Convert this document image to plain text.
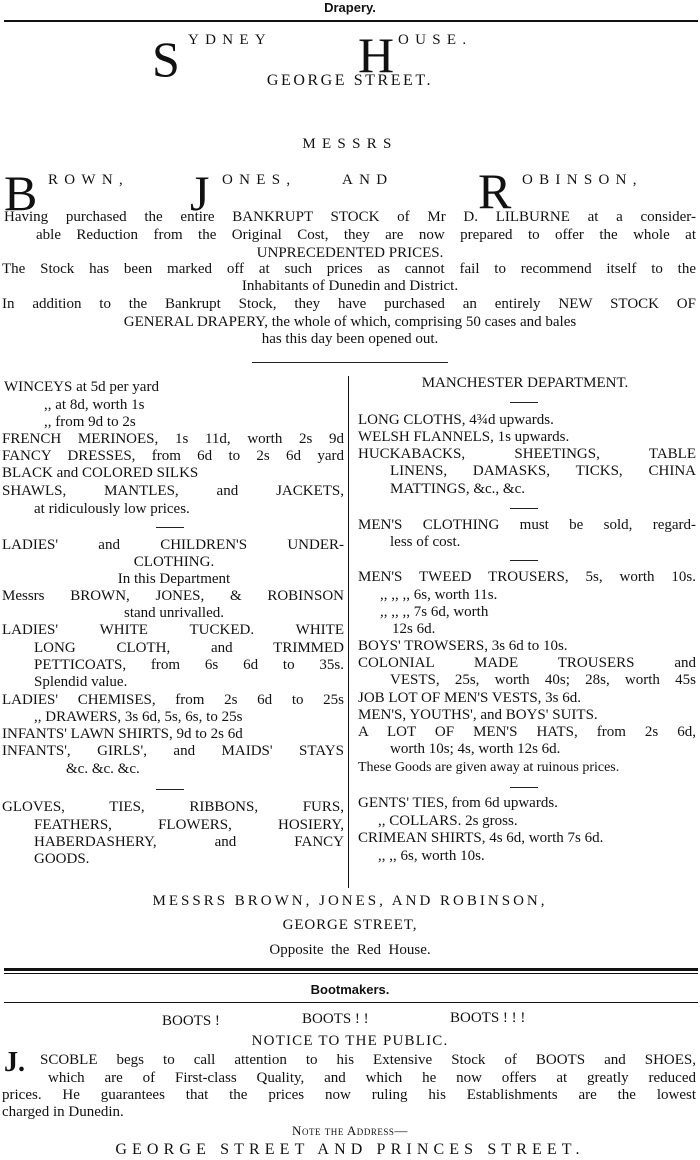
Drapery.
S YDNEY H OUSE.
GEORGE STREET.
MESSRS
B ROWN, J ONES,	AND R OBINSON,
Having purchased the entire BANKRUPT STOCK of Mr D. LILBURNE at a consider-
able Reduction from the Original Cost, they are now prepared to offer the whole at
UNPRECEDENTED PRICES.
The Stock has been marked off at such prices as cannot fail to recommend itself to the
Inhabitants of Dunedin and District.
In addition to the Bankrupt Stock, they have purchased an entirely NEW STOCK OF
GENERAL DRAPERY, the whole of which, comprising 50 cases and bales
has this day been opened out.
WINCEYS at 5d per yard
,, at 8d, worth 1s
,, from 9d to 2s
FRENCH MERINOES, 1s 11d, worth 2s 9d
FANCY DRESSES, from 6d to 2s 6d yard
BLACK and COLORED SILKS
SHAWLS, MANTLES, and JACKETS,
at ridiculously low prices.
LADIES' and CHILDREN'S UNDER-
CLOTHING.
In this Department
Messrs BROWN, JONES, & ROBINSON
stand unrivalled.
LADIES' WHITE TUCKED. WHITE
LONG CLOTH, and TRIMMED
PETTICOATS, from 6s 6d to 35s.
Splendid value.
LADIES' CHEMISES, from 2s 6d to 25s
,, DRAWERS, 3s 6d, 5s, 6s, to 25s
INFANTS' LAWN SHIRTS, 9d to 2s 6d
INFANTS', GIRLS', and MAIDS' STAYS
&c. &c. &c.
GLOVES, TIES, RIBBONS, FURS,
FEATHERS, FLOWERS, HOSIERY,
HABERDASHERY, and FANCY
GOODS.
MANCHESTER DEPARTMENT.
LONG CLOTHS, 4¾d upwards.
WELSH FLANNELS, 1s upwards.
HUCKABACKS, SHEETINGS, TABLE
LINENS, DAMASKS, TICKS, CHINA
MATTINGS, &c., &c.
MEN'S CLOTHING must be sold, regard-
less of cost.
MEN'S TWEED TROUSERS, 5s, worth 10s.
,, ,, ,, 6s, worth 11s.
,, ,, ,, 7s 6d, worth
12s 6d.
BOYS' TROWSERS, 3s 6d to 10s.
COLONIAL MADE TROUSERS and
VESTS, 25s, worth 40s; 28s, worth 45s
JOB LOT OF MEN'S VESTS, 3s 6d.
MEN'S, YOUTHS', and BOYS' SUITS.
A LOT OF MEN'S HATS, from 2s 6d,
worth 10s; 4s, worth 12s 6d.
These Goods are given away at ruinous prices.
GENTS' TIES, from 6d upwards.
,, COLLARS. 2s gross.
CRIMEAN SHIRTS, 4s 6d, worth 7s 6d.
,, ,, 6s, worth 10s.
MESSRS BROWN, JONES, AND ROBINSON,
GEORGE STREET,
Opposite the Red House.
Bootmakers.
BOOTS !	BOOTS ! !	BOOTS ! ! !
NOTICE TO THE PUBLIC.
J. SCOBLE begs to call attention to his Extensive Stock of BOOTS and SHOES,
which are of First-class Quality, and which he now offers at greatly reduced
prices. He guarantees that the prices now ruling his Establishments are the lowest
charged in Dunedin.
Note the Address—
GEORGE STREET AND PRINCES STREET.
